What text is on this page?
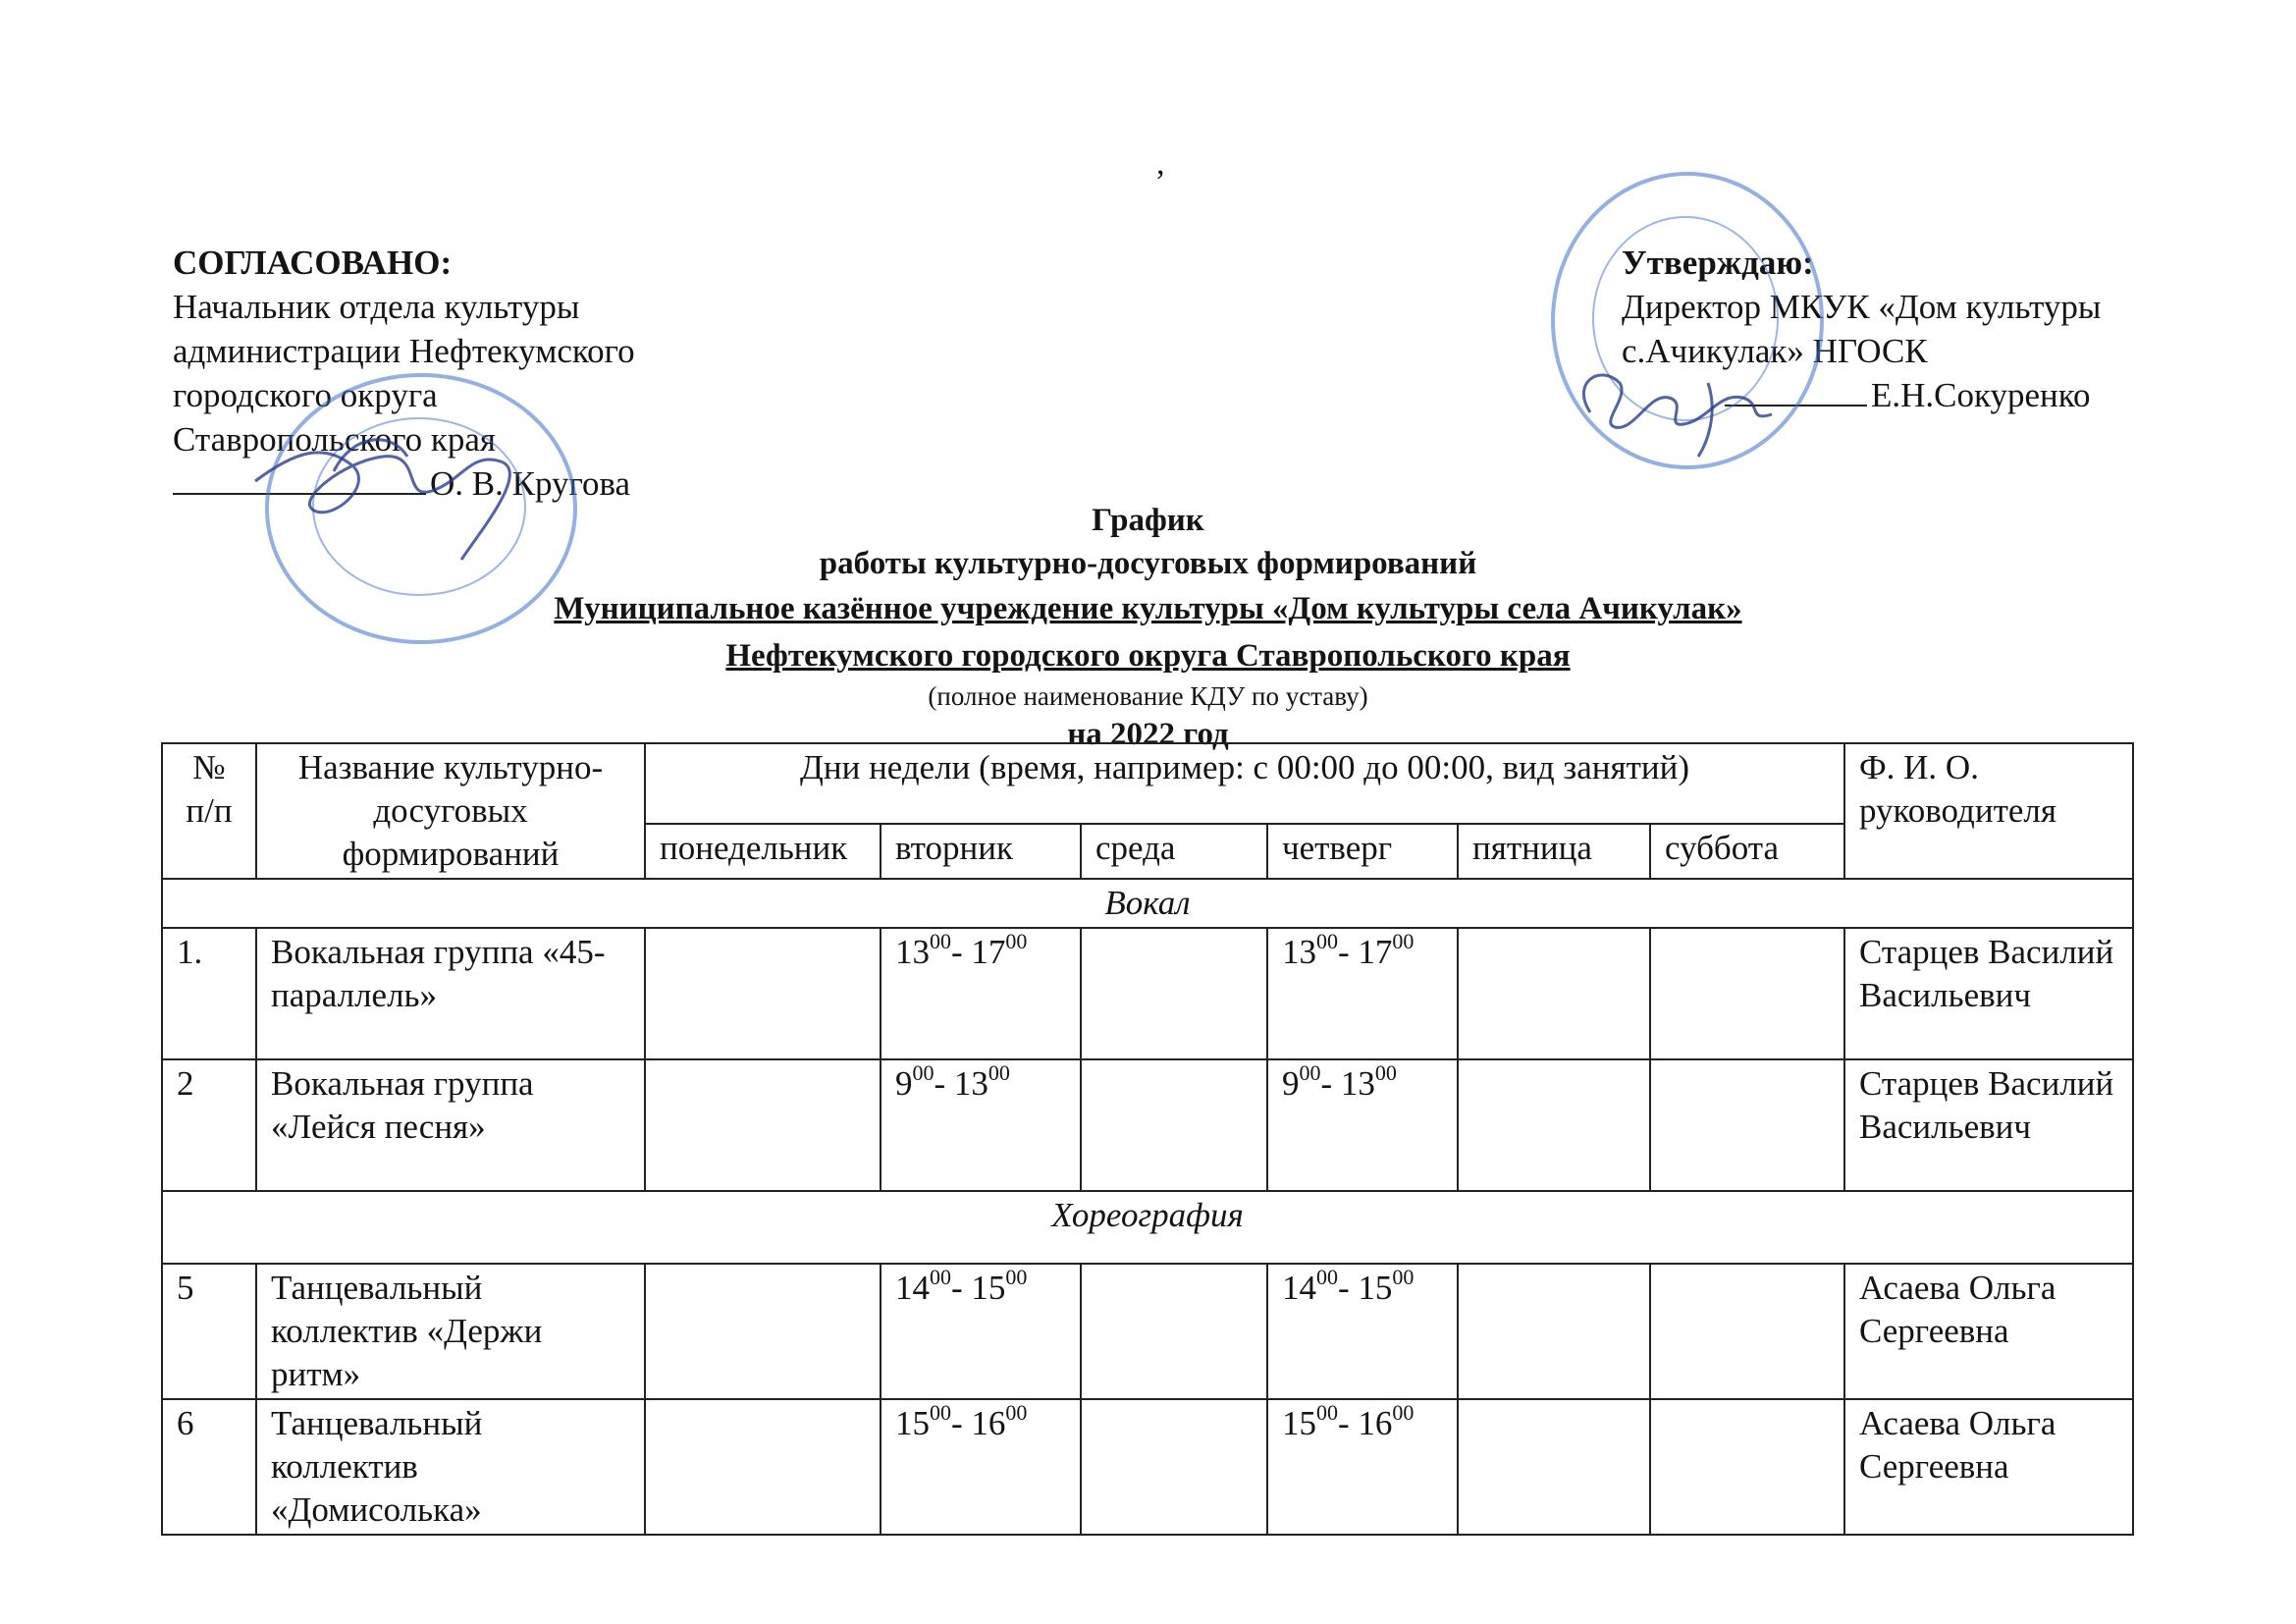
,
СОГЛАСОВАНО:
Начальник отдела культуры
администрации Нефтекумского
городского округа
Ставропольского края
О. В. Кругова
Утверждаю:
Директор МКУК «Дом культуры
с.Ачикулак» НГОСК
Е.Н.Сокуренко
График
работы культурно-досуговых формирований
Муниципальное казённое учреждение культуры «Дом культуры села Ачикулак»
Нефтекумского городского округа Ставропольского края
(полное наименование КДУ по уставу)
на 2022 год
№ п/п	Название культурно-досуговых формирований	Дни недели (время, например: с 00:00 до 00:00, вид занятий)						Ф. И. О. руководителя
		понедельник	вторник	среда	четверг	пятница	суббота	
Вокал								
1.	Вокальная группа «45-параллель»		$13^{00}-$ $17^{00}$		$13^{00}-$ $17^{00}$			Старцев Василий Васильевич
2	Вокальная группа «Лейся песня»		$9^{00}-$ $13^{00}$		$9^{00}-$ $13^{00}$			Старцев Василий Васильевич
Хореография								
5	Танцевальный коллектив «Держи ритм»		$14^{00}-$ $15^{00}$		$14^{00}-$ $15^{00}$			Асаева Ольга Сергеевна
6	Танцевальный коллектив «Домисолька»		$15^{00}-$ $16^{00}$		$15^{00}-$ $16^{00}$			Асаева Ольга Сергеевна
